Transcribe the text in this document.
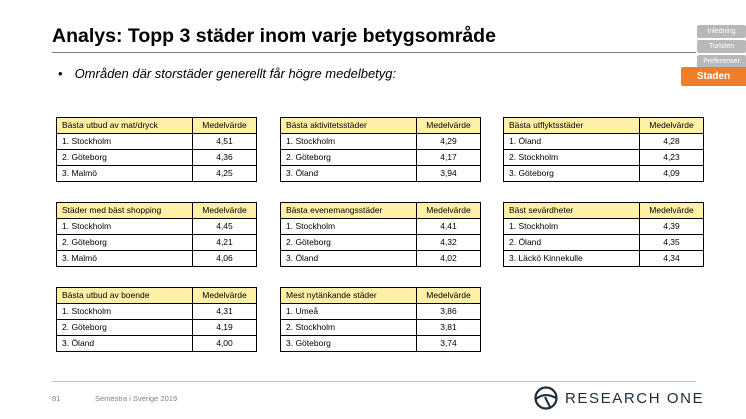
Analys: Topp 3 städer inom varje betygsområde
• Områden där storstäder generellt får högre medelbetyg:
Inledning
Turisten
Preferenser
Staden
Bästa utbud av mat/dryck	Medelvärde
1. Stockholm	4,51
2. Göteborg	4,36
3. Malmö	4,25
Bästa aktivitetsstäder	Medelvärde
1. Stockholm	4,29
2. Göteborg	4,17
3. Öland	3,94
Bästa utflyktsstäder	Medelvärde
1. Öland	4,28
2. Stockholm	4,23
3. Göteborg	4,09
Städer med bäst shopping	Medelvärde
1. Stockholm	4,45
2. Göteborg	4,21
3. Malmö	4,06
Bästa evenemangsstäder	Medelvärde
1. Stockholm	4,41
2. Göteborg	4,32
3. Öland	4,02
Bäst sevärdheter	Medelvärde
1. Stockholm	4,39
2. Öland	4,35
3. Läckö Kinnekulle	4,34
Bästa utbud av boende	Medelvärde
1. Stockholm	4,31
2. Göteborg	4,19
3. Öland	4,00
Mest nytänkande städer	Medelvärde
1. Umeå	3,86
2. Stockholm	3,81
3. Göteborg	3,74
81	Semestra i Sverige 2019	RESEARCH ONE
